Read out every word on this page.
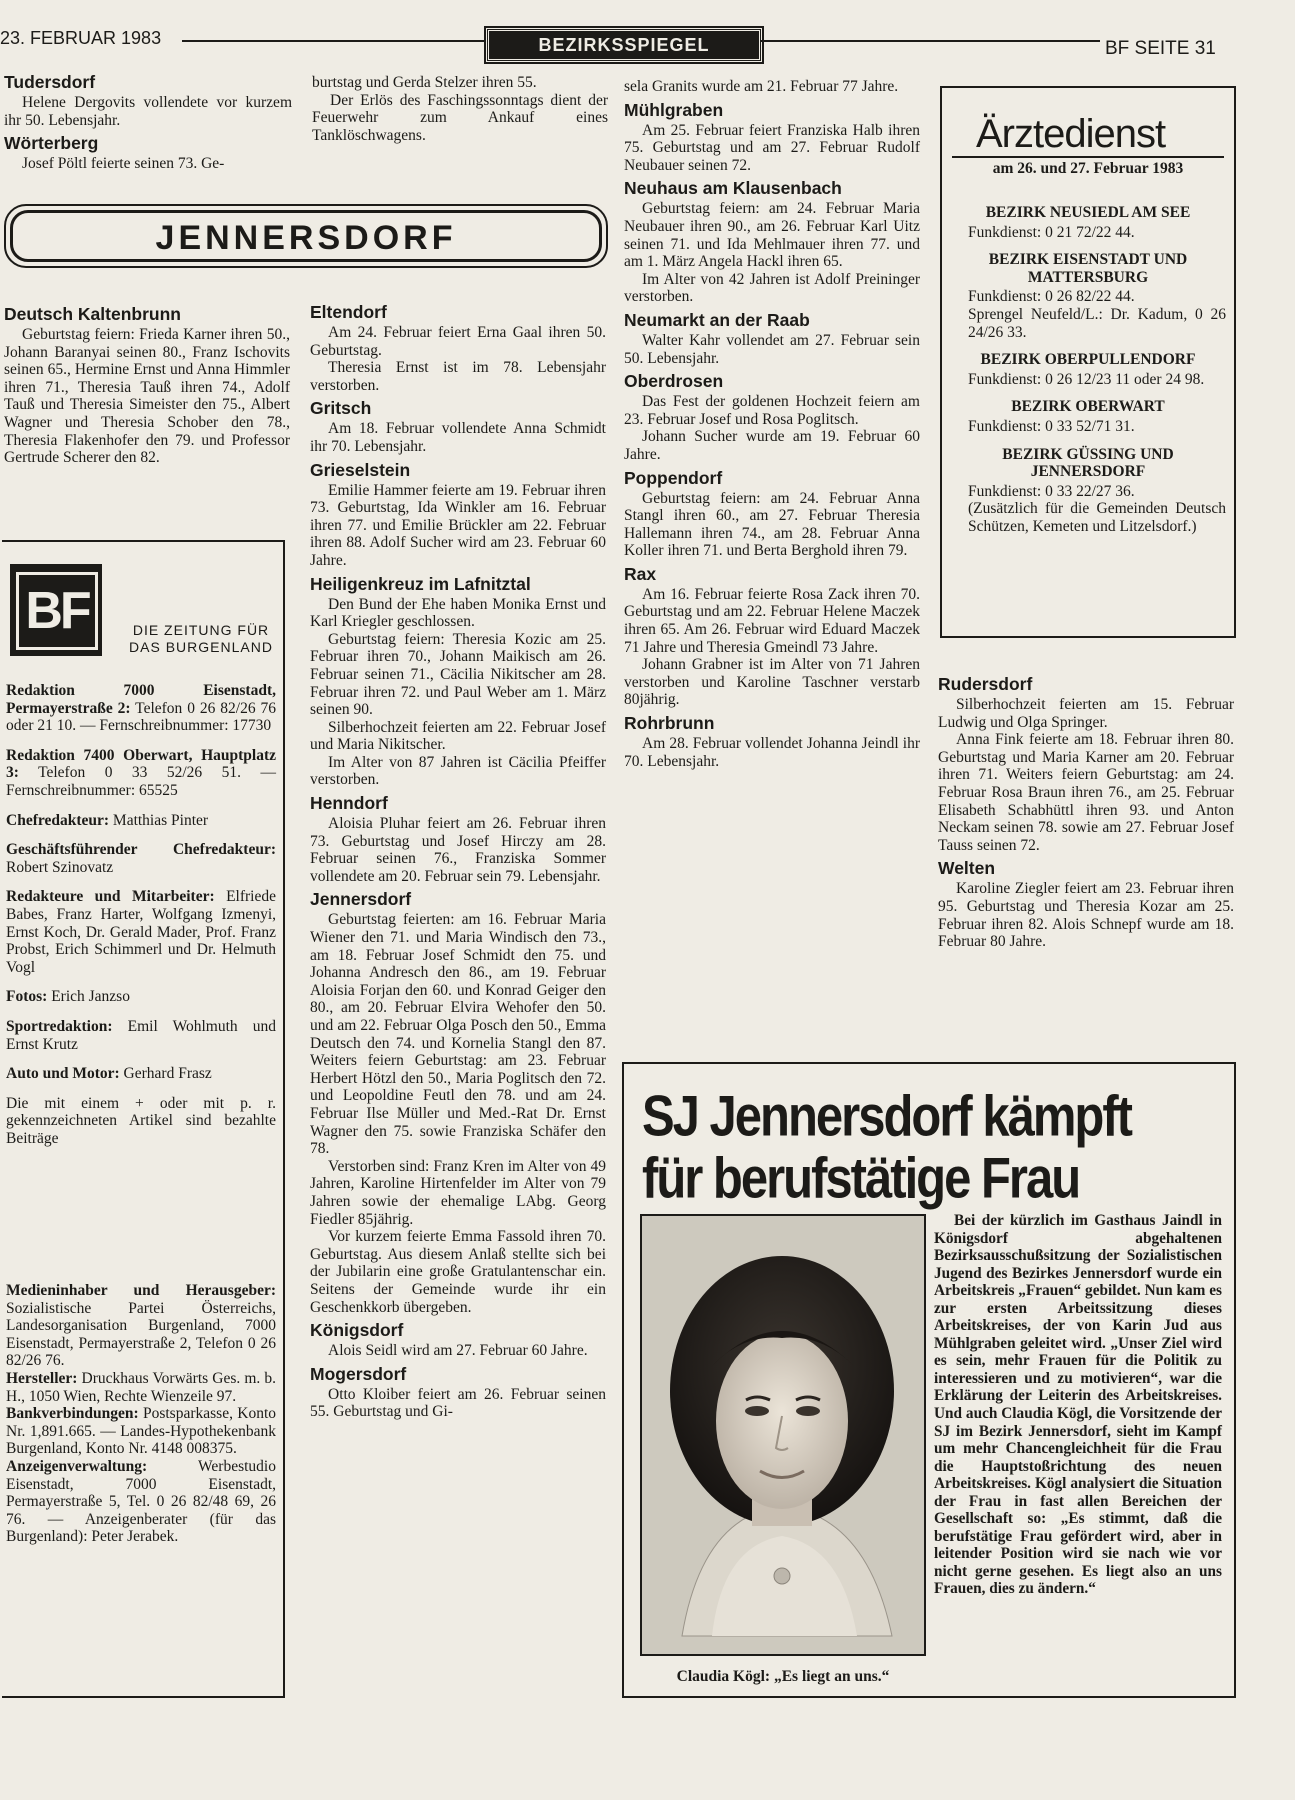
23. FEBRUAR 1983	BEZIRKSSPIEGEL	BF SEITE 31
Tudersdorf

Helene Dergovits vollendete vor kurzem ihr 50. Lebensjahr.

Wörterberg

Josef Pöltl feierte seinen 73. Ge-

burtstag und Gerda Stelzer ihren 55.

Der Erlös des Faschingssonntags dient der Feuerwehr zum Ankauf eines Tanklöschwagens.

JENNERSDORF
Deutsch Kaltenbrunn

Geburtstag feiern: Frieda Karner ihren 50., Johann Baranyai seinen 80., Franz Ischovits seinen 65., Hermine Ernst und Anna Himmler ihren 71., Theresia Tauß ihren 74., Adolf Tauß und Theresia Simeister den 75., Albert Wagner und Theresia Schober den 78., Theresia Flakenhofer den 79. und Professor Gertrude Scherer den 82.

BF	DIE ZEITUNG FÜR DAS BURGENLAND

Redaktion 7000 Eisenstadt, Permayerstraße 2: Telefon 0 26 82/26 76 oder 21 10. — Fernschreibnummer: 17730

Redaktion 7400 Oberwart, Hauptplatz 3: Telefon 0 33 52/26 51. — Fernschreibnummer: 65525

Chefredakteur: Matthias Pinter

Geschäftsführender Chefredakteur: Robert Szinovatz

Redakteure und Mitarbeiter: Elfriede Babes, Franz Harter, Wolfgang Izmenyi, Ernst Koch, Dr. Gerald Mader, Prof. Franz Probst, Erich Schimmerl und Dr. Helmuth Vogl

Fotos: Erich Janzso

Sportredaktion: Emil Wohlmuth und Ernst Krutz

Auto und Motor: Gerhard Frasz

Die mit einem + oder mit p. r. gekennzeichneten Artikel sind bezahlte Beiträge

Medieninhaber und Herausgeber: Sozialistische Partei Österreichs, Landesorganisation Burgenland, 7000 Eisenstadt, Permayerstraße 2, Telefon 0 26 82/26 76.

Hersteller: Druckhaus Vorwärts Ges. m. b. H., 1050 Wien, Rechte Wienzeile 97.

Bankverbindungen: Postsparkasse, Konto Nr. 1,891.665. — Landes-Hypothekenbank Burgenland, Konto Nr. 4148 008375.

Anzeigenverwaltung: Werbestudio Eisenstadt, 7000 Eisenstadt, Permayerstraße 5, Tel. 0 26 82/48 69, 26 76. — Anzeigenberater (für das Burgenland): Peter Jerabek.

Eltendorf

Am 24. Februar feiert Erna Gaal ihren 50. Geburtstag.

Theresia Ernst ist im 78. Lebensjahr verstorben.

Gritsch

Am 18. Februar vollendete Anna Schmidt ihr 70. Lebensjahr.

Grieselstein

Emilie Hammer feierte am 19. Februar ihren 73. Geburtstag, Ida Winkler am 16. Februar ihren 77. und Emilie Brückler am 22. Februar ihren 88. Adolf Sucher wird am 23. Februar 60 Jahre.

Heiligenkreuz im Lafnitztal

Den Bund der Ehe haben Monika Ernst und Karl Kriegler geschlossen.

Geburtstag feiern: Theresia Kozic am 25. Februar ihren 70., Johann Maikisch am 26. Februar seinen 71., Cäcilia Nikitscher am 28. Februar ihren 72. und Paul Weber am 1. März seinen 90.

Silberhochzeit feierten am 22. Februar Josef und Maria Nikitscher.

Im Alter von 87 Jahren ist Cäcilia Pfeiffer verstorben.

Henndorf

Aloisia Pluhar feiert am 26. Februar ihren 73. Geburtstag und Josef Hirczy am 28. Februar seinen 76., Franziska Sommer vollendete am 20. Februar sein 79. Lebensjahr.

Jennersdorf

Geburtstag feierten: am 16. Februar Maria Wiener den 71. und Maria Windisch den 73., am 18. Februar Josef Schmidt den 75. und Johanna Andresch den 86., am 19. Februar Aloisia Forjan den 60. und Konrad Geiger den 80., am 20. Februar Elvira Wehofer den 50. und am 22. Februar Olga Posch den 50., Emma Deutsch den 74. und Kornelia Stangl den 87. Weiters feiern Geburtstag: am 23. Februar Herbert Hötzl den 50., Maria Poglitsch den 72. und Leopoldine Feutl den 78. und am 24. Februar Ilse Müller und Med.-Rat Dr. Ernst Wagner den 75. sowie Franziska Schäfer den 78.

Verstorben sind: Franz Kren im Alter von 49 Jahren, Karoline Hirtenfelder im Alter von 79 Jahren sowie der ehemalige LAbg. Georg Fiedler 85jährig.

Vor kurzem feierte Emma Fassold ihren 70. Geburtstag. Aus diesem Anlaß stellte sich bei der Jubilarin eine große Gratulantenschar ein. Seitens der Gemeinde wurde ihr ein Geschenkkorb übergeben.

Königsdorf

Alois Seidl wird am 27. Februar 60 Jahre.

Mogersdorf

Otto Kloiber feiert am 26. Februar seinen 55. Geburtstag und Gi-

sela Granits wurde am 21. Februar 77 Jahre.

Mühlgraben

Am 25. Februar feiert Franziska Halb ihren 75. Geburtstag und am 27. Februar Rudolf Neubauer seinen 72.

Neuhaus am Klausenbach

Geburtstag feiern: am 24. Februar Maria Neubauer ihren 90., am 26. Februar Karl Uitz seinen 71. und Ida Mehlmauer ihren 77. und am 1. März Angela Hackl ihren 65.

Im Alter von 42 Jahren ist Adolf Preininger verstorben.

Neumarkt an der Raab

Walter Kahr vollendet am 27. Februar sein 50. Lebensjahr.

Oberdrosen

Das Fest der goldenen Hochzeit feiern am 23. Februar Josef und Rosa Poglitsch.

Johann Sucher wurde am 19. Februar 60 Jahre.

Poppendorf

Geburtstag feiern: am 24. Februar Anna Stangl ihren 60., am 27. Februar Theresia Hallemann ihren 74., am 28. Februar Anna Koller ihren 71. und Berta Berghold ihren 79.

Rax

Am 16. Februar feierte Rosa Zack ihren 70. Geburtstag und am 22. Februar Helene Maczek ihren 65. Am 26. Februar wird Eduard Maczek 71 Jahre und Theresia Gmeindl 73 Jahre.

Johann Grabner ist im Alter von 71 Jahren verstorben und Karoline Taschner verstarb 80jährig.

Rohrbrunn

Am 28. Februar vollendet Johanna Jeindl ihr 70. Lebensjahr.

Ärztedienst
am 26. und 27. Februar 1983
BEZIRK NEUSIEDL AM SEE
Funkdienst: 0 21 72/22 44.
BEZIRK EISENSTADT UND MATTERSBURG
Funkdienst: 0 26 82/22 44.
Sprengel Neufeld/L.: Dr. Kadum, 0 26 24/26 33.
BEZIRK OBERPULLENDORF
Funkdienst: 0 26 12/23 11 oder 24 98.
BEZIRK OBERWART
Funkdienst: 0 33 52/71 31.
BEZIRK GÜSSING UND JENNERSDORF
Funkdienst: 0 33 22/27 36.
(Zusätzlich für die Gemeinden Deutsch Schützen, Kemeten und Litzelsdorf.)
Rudersdorf

Silberhochzeit feierten am 15. Februar Ludwig und Olga Springer.

Anna Fink feierte am 18. Februar ihren 80. Geburtstag und Maria Karner am 20. Februar ihren 71. Weiters feiern Geburtstag: am 24. Februar Rosa Braun ihren 76., am 25. Februar Elisabeth Schabhüttl ihren 93. und Anton Neckam seinen 78. sowie am 27. Februar Josef Tauss seinen 72.

Welten

Karoline Ziegler feiert am 23. Februar ihren 95. Geburtstag und Theresia Kozar am 25. Februar ihren 82. Alois Schnepf wurde am 18. Februar 80 Jahre.

SJ Jennersdorf kämpft
für berufstätige Frau
Claudia Kögl: „Es liegt an uns.“
Bei der kürzlich im Gasthaus Jaindl in Königsdorf abgehaltenen Bezirksausschußsitzung der Sozialistischen Jugend des Bezirkes Jennersdorf wurde ein Arbeitskreis „Frauen“ gebildet. Nun kam es zur ersten Arbeitssitzung dieses Arbeitskreises, der von Karin Jud aus Mühlgraben geleitet wird. „Unser Ziel wird es sein, mehr Frauen für die Politik zu interessieren und zu motivieren“, war die Erklärung der Leiterin des Arbeitskreises. Und auch Claudia Kögl, die Vorsitzende der SJ im Bezirk Jennersdorf, sieht im Kampf um mehr Chancengleichheit für die Frau die Hauptstoßrichtung des neuen Arbeitskreises. Kögl analysiert die Situation der Frau in fast allen Bereichen der Gesellschaft so: „Es stimmt, daß die berufstätige Frau gefördert wird, aber in leitender Position wird sie nach wie vor nicht gerne gesehen. Es liegt also an uns Frauen, dies zu ändern.“
